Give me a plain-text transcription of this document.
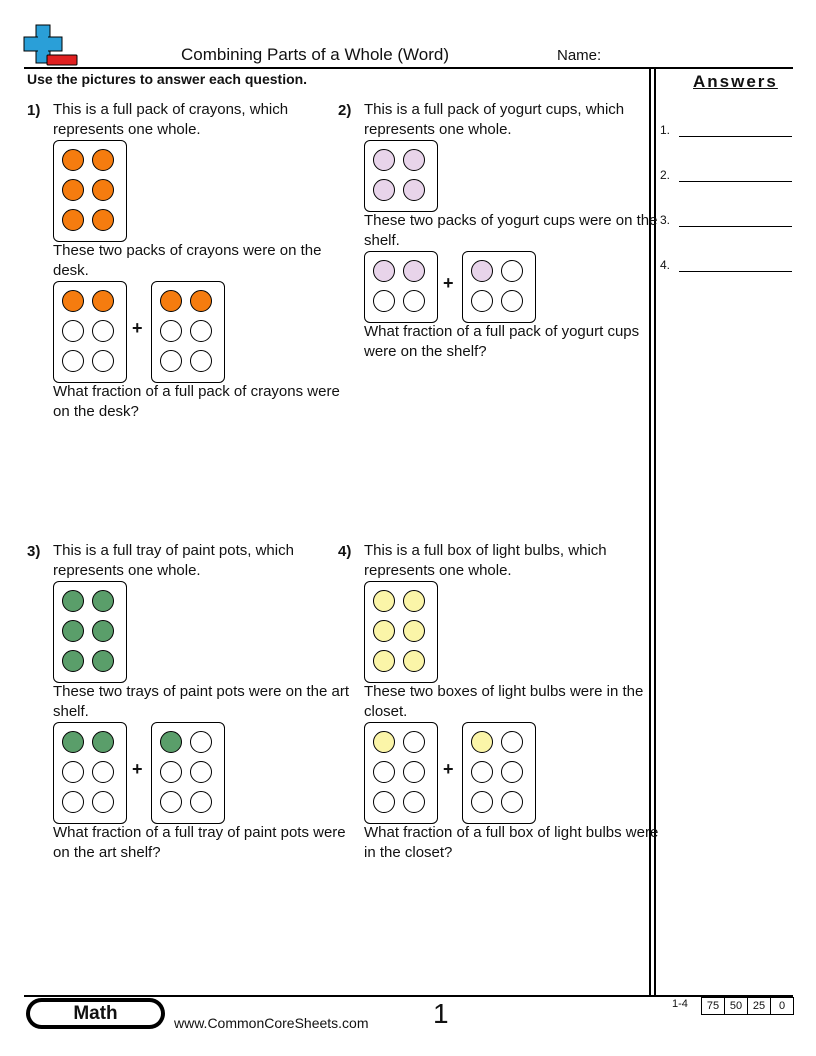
Combining Parts of a Whole (Word)	Name:
Use the pictures to answer each question.	Answers
1.
2.
3.
4.
1) This is a full pack of crayons, which represents one whole.
These two packs of crayons were on the desk.
+
What fraction of a full pack of crayons were on the desk?
2) This is a full pack of yogurt cups, which represents one whole.
These two packs of yogurt cups were on the shelf.
+
What fraction of a full pack of yogurt cups were on the shelf?
3) This is a full tray of paint pots, which represents one whole.
These two trays of paint pots were on the art shelf.
+
What fraction of a full tray of paint pots were on the art shelf?
4) This is a full box of light bulbs, which represents one whole.
These two boxes of light bulbs were in the closet.
+
What fraction of a full box of light bulbs were in the closet?
Math	www.CommonCoreSheets.com 1	1-4	75 50 25	0
